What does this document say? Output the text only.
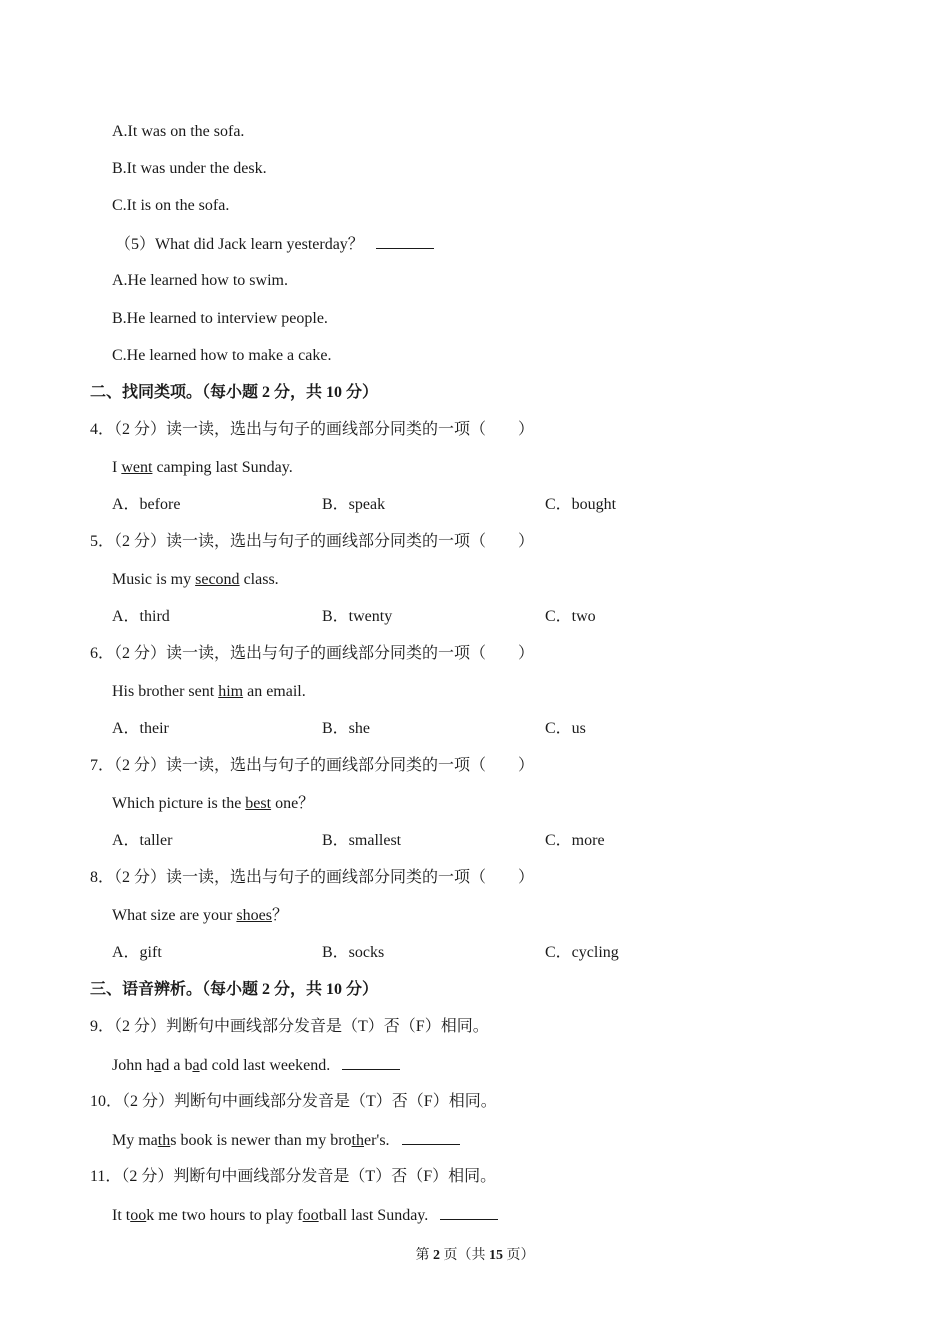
A.It was on the sofa.
B.It was under the desk.
C.It is on the sofa.
（5）What did Jack learn yesterday？
A.He learned how to swim.
B.He learned to interview people.
C.He learned how to make a cake.
二、找同类项。（每小题 2 分，共 10 分）
4．（2 分）读一读，选出与句子的画线部分同类的一项（　　）
I went camping last Sunday.
A．before	B．speak	C．bought
5．（2 分）读一读，选出与句子的画线部分同类的一项（　　）
Music is my second class.
A．third	B．twenty	C．two
6．（2 分）读一读，选出与句子的画线部分同类的一项（　　）
His brother sent him an email.
A．their	B．she	C．us
7．（2 分）读一读，选出与句子的画线部分同类的一项（　　）
Which picture is the best one？
A．taller	B．smallest	C．more
8．（2 分）读一读，选出与句子的画线部分同类的一项（　　）
What size are your shoes？
A．gift	B．socks	C．cycling
三、语音辨析。（每小题 2 分，共 10 分）
9．（2 分）判断句中画线部分发音是（T）否（F）相同。
John had a bad cold last weekend.
10．（2 分）判断句中画线部分发音是（T）否（F）相同。
My maths book is newer than my brother's.
11．（2 分）判断句中画线部分发音是（T）否（F）相同。
It took me two hours to play football last Sunday.
第 2 页（共 15 页）
